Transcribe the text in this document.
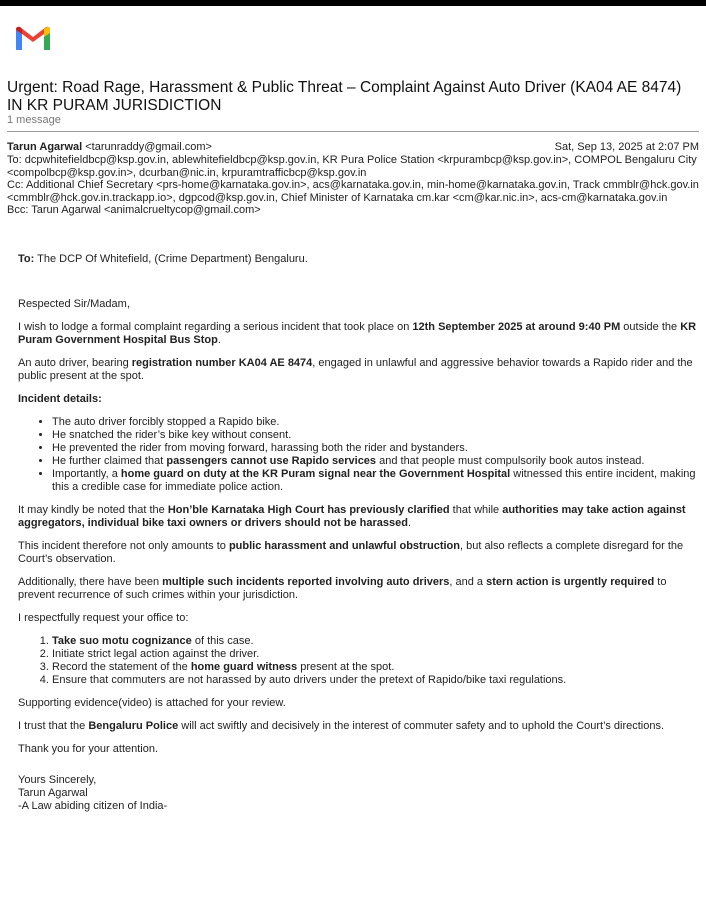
Urgent: Road Rage, Harassment & Public Threat – Complaint Against Auto Driver (KA04 AE 8474) IN KR PURAM JURISDICTION
1 message
Tarun Agarwal <tarunraddy@gmail.com>	Sat, Sep 13, 2025 at 2:07 PM

To: dcpwhitefieldbcp@ksp.gov.in, ablewhitefieldbcp@ksp.gov.in, KR Pura Police Station <krpurambcp@ksp.gov.in>, COMPOL Bengaluru City <compolbcp@ksp.gov.in>, dcurban@nic.in, krpuramtrafficbcp@ksp.gov.in

Cc: Additional Chief Secretary <prs-home@karnataka.gov.in>, acs@karnataka.gov.in, min-home@karnataka.gov.in, Track cmmblr@hck.gov.in <cmmblr@hck.gov.in.trackapp.io>, dgpcod@ksp.gov.in, Chief Minister of Karnataka cm.kar <cm@kar.nic.in>, acs-cm@karnataka.gov.in

Bcc: Tarun Agarwal <animalcrueltycop@gmail.com>

To: The DCP Of Whitefield, (Crime Department) Bengaluru.

Respected Sir/Madam,

I wish to lodge a formal complaint regarding a serious incident that took place on 12th September 2025 at around 9:40 PM outside the KR Puram Government Hospital Bus Stop.

An auto driver, bearing registration number KA04 AE 8474, engaged in unlawful and aggressive behavior towards a Rapido rider and the public present at the spot.

Incident details:

• The auto driver forcibly stopped a Rapido bike.
• He snatched the rider’s bike key without consent.
• He prevented the rider from moving forward, harassing both the rider and bystanders.
• He further claimed that passengers cannot use Rapido services and that people must compulsorily book autos instead.
• Importantly, a home guard on duty at the KR Puram signal near the Government Hospital witnessed this entire incident, making this a credible case for immediate police action.

It may kindly be noted that the Hon’ble Karnataka High Court has previously clarified that while authorities may take action against aggregators, individual bike taxi owners or drivers should not be harassed.

This incident therefore not only amounts to public harassment and unlawful obstruction, but also reflects a complete disregard for the Court’s observation.

Additionally, there have been multiple such incidents reported involving auto drivers, and a stern action is urgently required to prevent recurrence of such crimes within your jurisdiction.

I respectfully request your office to:

1. Take suo motu cognizance of this case.
2. Initiate strict legal action against the driver.
3. Record the statement of the home guard witness present at the spot.
4. Ensure that commuters are not harassed by auto drivers under the pretext of Rapido/bike taxi regulations.

Supporting evidence(video) is attached for your review.

I trust that the Bengaluru Police will act swiftly and decisively in the interest of commuter safety and to uphold the Court’s directions.

Thank you for your attention.

Yours Sincerely,
Tarun Agarwal
-A Law abiding citizen of India-
